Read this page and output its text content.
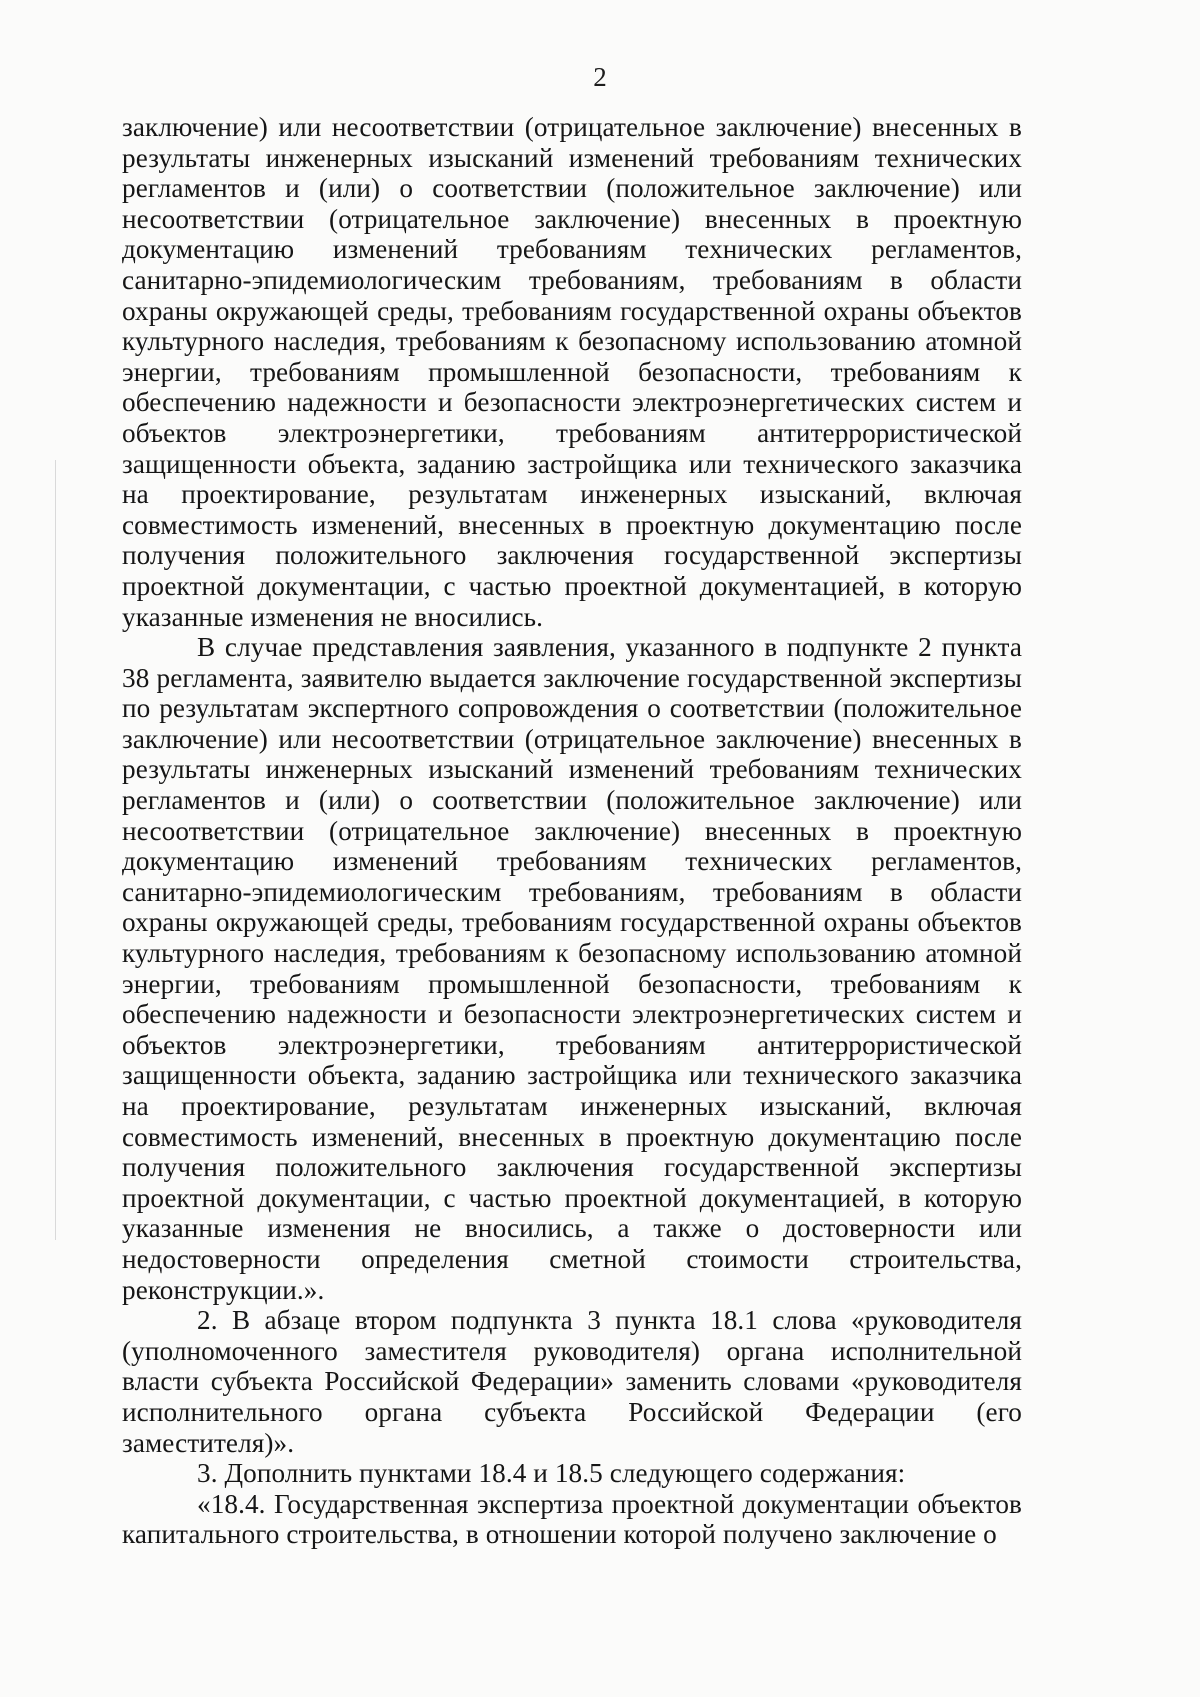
2

заключение) или несоответствии (отрицательное заключение) внесенных в результаты инженерных изысканий изменений требованиям технических регламентов и (или) о соответствии (положительное заключение) или несоответствии (отрицательное заключение) внесенных в проектную документацию изменений требованиям технических регламентов, санитарно-эпидемиологическим требованиям, требованиям в области охраны окружающей среды, требованиям государственной охраны объектов культурного наследия, требованиям к безопасному использованию атомной энергии, требованиям промышленной безопасности, требованиям к обеспечению надежности и безопасности электроэнергетических систем и объектов электроэнергетики, требованиям антитеррористической защищенности объекта, заданию застройщика или технического заказчика на проектирование, результатам инженерных изысканий, включая совместимость изменений, внесенных в проектную документацию после получения положительного заключения государственной экспертизы проектной документации, с частью проектной документацией, в которую указанные изменения не вносились.

В случае представления заявления, указанного в подпункте 2 пункта 38 регламента, заявителю выдается заключение государственной экспертизы по результатам экспертного сопровождения о соответствии (положительное заключение) или несоответствии (отрицательное заключение) внесенных в результаты инженерных изысканий изменений требованиям технических регламентов и (или) о соответствии (положительное заключение) или несоответствии (отрицательное заключение) внесенных в проектную документацию изменений требованиям технических регламентов, санитарно-эпидемиологическим требованиям, требованиям в области охраны окружающей среды, требованиям государственной охраны объектов культурного наследия, требованиям к безопасному использованию атомной энергии, требованиям промышленной безопасности, требованиям к обеспечению надежности и безопасности электроэнергетических систем и объектов электроэнергетики, требованиям антитеррористической защищенности объекта, заданию застройщика или технического заказчика на проектирование, результатам инженерных изысканий, включая совместимость изменений, внесенных в проектную документацию после получения положительного заключения государственной экспертизы проектной документации, с частью проектной документацией, в которую указанные изменения не вносились, а также о достоверности или недостоверности определения сметной стоимости строительства, реконструкции.».

2. В абзаце втором подпункта 3 пункта 18.1 слова «руководителя (уполномоченного заместителя руководителя) органа исполнительной власти субъекта Российской Федерации» заменить словами «руководителя исполнительного органа субъекта Российской Федерации (его заместителя)».

3. Дополнить пунктами 18.4 и 18.5 следующего содержания:

«18.4. Государственная экспертиза проектной документации объектов капитального строительства, в отношении которой получено заключение о
